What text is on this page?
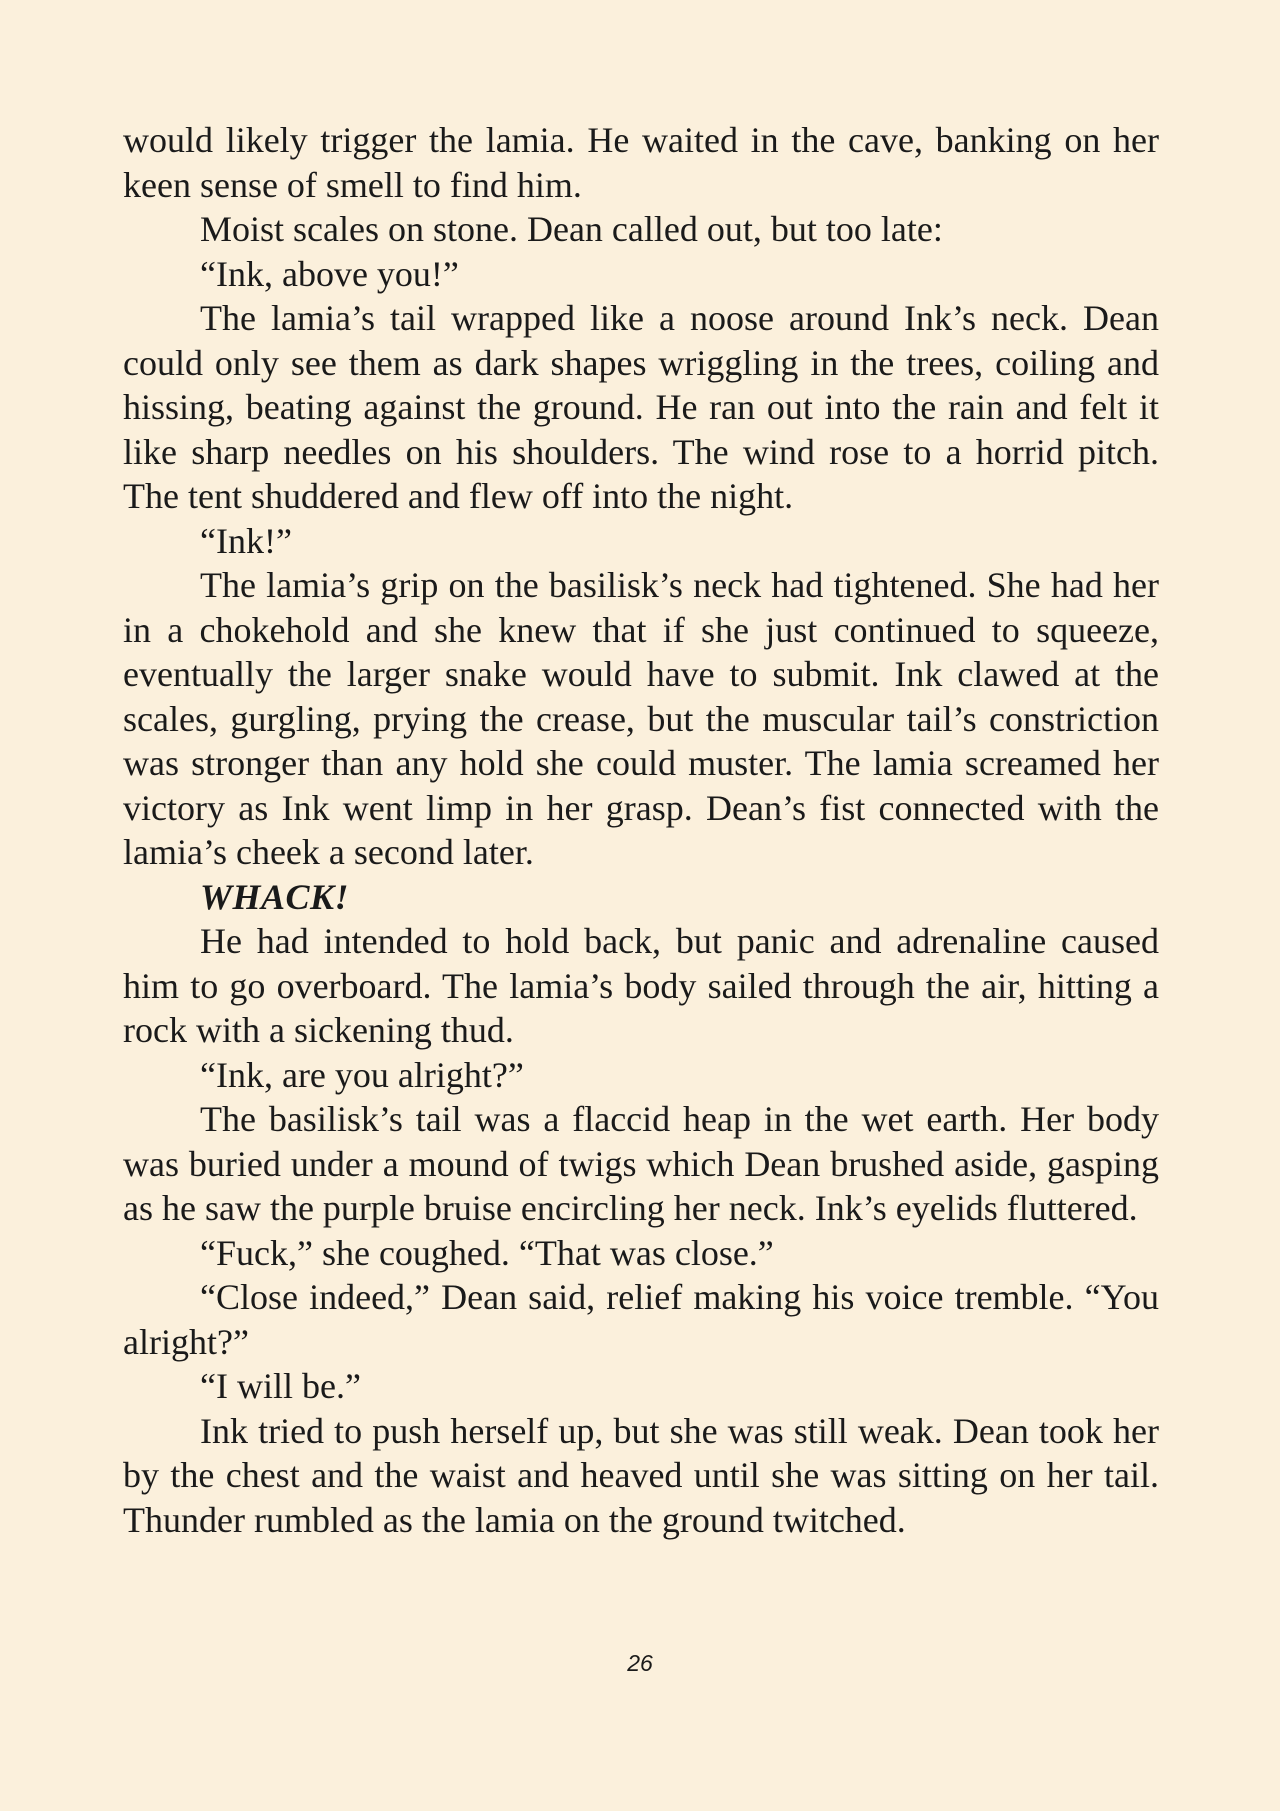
would likely trigger the lamia. He waited in the cave, banking on her keen sense of smell to find him.

Moist scales on stone. Dean called out, but too late:

“Ink, above you!”

The lamia’s tail wrapped like a noose around Ink’s neck. Dean could only see them as dark shapes wriggling in the trees, coiling and hissing, beating against the ground. He ran out into the rain and felt it like sharp needles on his shoulders. The wind rose to a horrid pitch. The tent shuddered and flew off into the night.

“Ink!”

The lamia’s grip on the basilisk’s neck had tightened. She had her in a chokehold and she knew that if she just continued to squeeze, eventually the larger snake would have to submit. Ink clawed at the scales, gurgling, prying the crease, but the muscular tail’s constriction was stronger than any hold she could muster. The lamia screamed her victory as Ink went limp in her grasp. Dean’s fist connected with the lamia’s cheek a second later.

WHACK!

He had intended to hold back, but panic and adrenaline caused him to go overboard. The lamia’s body sailed through the air, hitting a rock with a sickening thud.

“Ink, are you alright?”

The basilisk’s tail was a flaccid heap in the wet earth. Her body was buried under a mound of twigs which Dean brushed aside, gasping as he saw the purple bruise encircling her neck. Ink’s eyelids fluttered.

“Fuck,” she coughed. “That was close.”

“Close indeed,” Dean said, relief making his voice tremble. “You alright?”

“I will be.”

Ink tried to push herself up, but she was still weak. Dean took her by the chest and the waist and heaved until she was sitting on her tail. Thunder rumbled as the lamia on the ground twitched.

26
